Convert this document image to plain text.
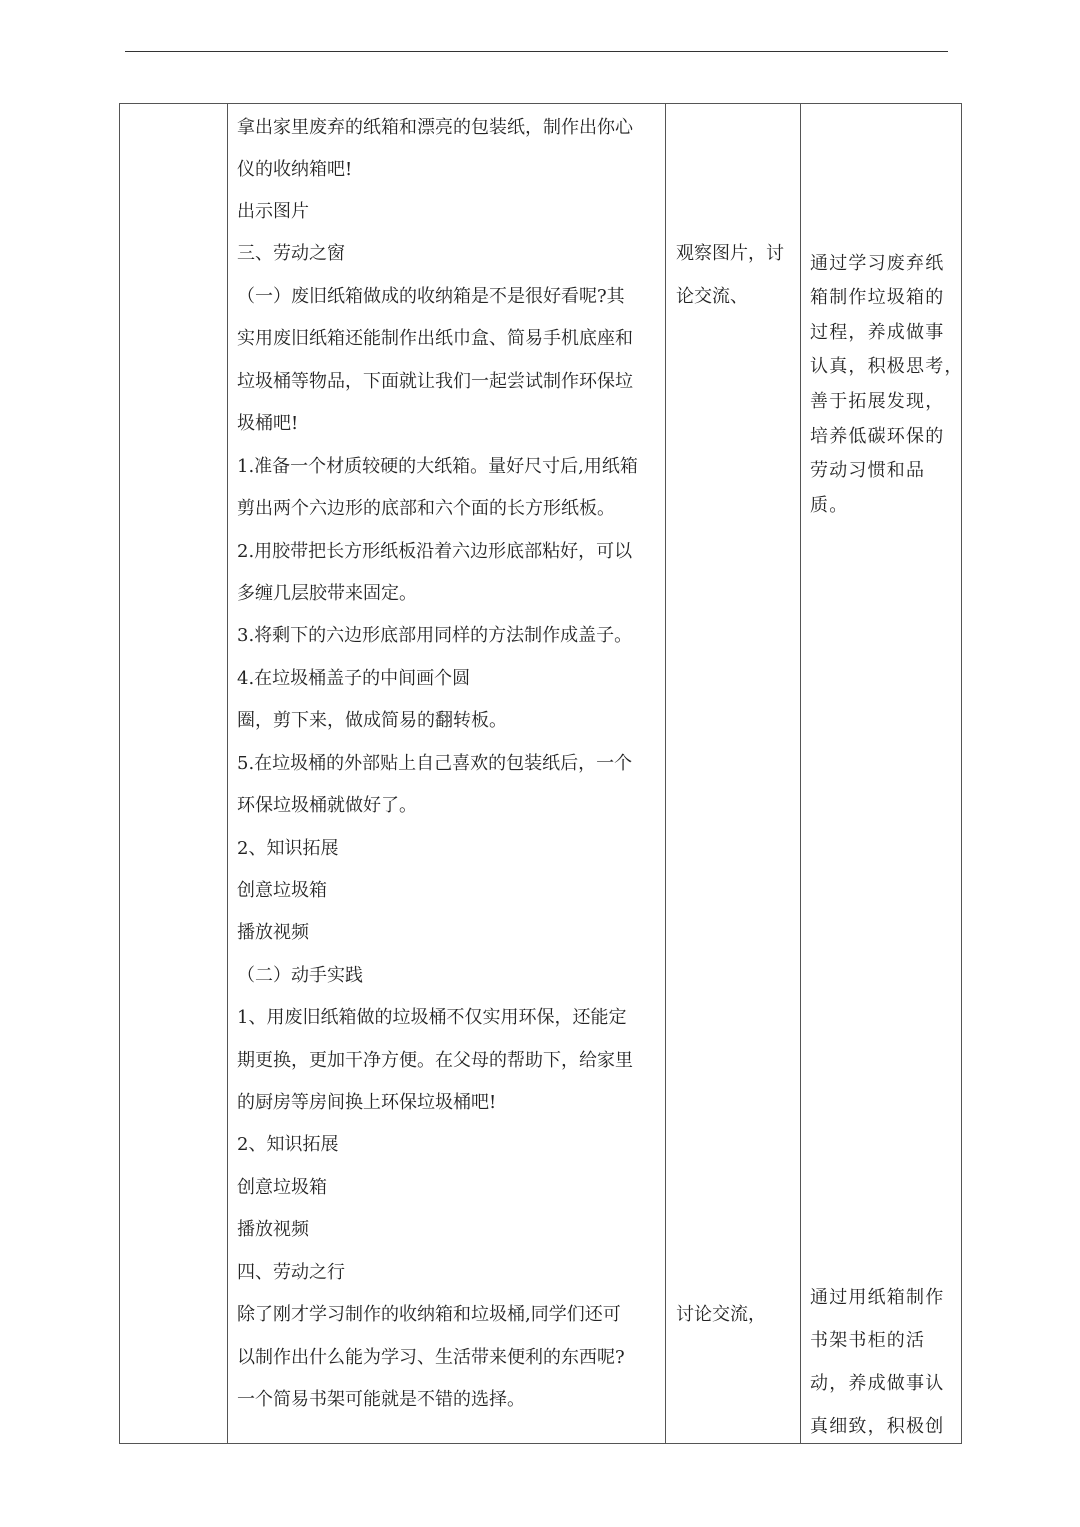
拿出家里废弃的纸箱和漂亮的包装纸，制作出你心
仪的收纳箱吧!
出示图片
三、劳动之窗
（一）废旧纸箱做成的收纳箱是不是很好看呢?其
实用废旧纸箱还能制作出纸巾盒、简易手机底座和
垃圾桶等物品，下面就让我们一起尝试制作环保垃
圾桶吧!
1.准备一个材质较硬的大纸箱。量好尺寸后,用纸箱
剪出两个六边形的底部和六个面的长方形纸板。
2.用胶带把长方形纸板沿着六边形底部粘好，可以
多缠几层胶带来固定。
3.将剩下的六边形底部用同样的方法制作成盖子。
4.在垃圾桶盖子的中间画个圆
圈，剪下来，做成简易的翻转板。
5.在垃圾桶的外部贴上自己喜欢的包装纸后，一个
环保垃圾桶就做好了。
2、知识拓展
创意垃圾箱
播放视频
（二）动手实践
1、用废旧纸箱做的垃圾桶不仅实用环保，还能定
期更换，更加干净方便。在父母的帮助下，给家里
的厨房等房间换上环保垃圾桶吧!
2、知识拓展
创意垃圾箱
播放视频
四、劳动之行
除了刚才学习制作的收纳箱和垃圾桶,同学们还可
以制作出什么能为学习、生活带来便利的东西呢?
一个简易书架可能就是不错的选择。
观察图片，讨
论交流、
讨论交流，
通过学习废弃纸
箱制作垃圾箱的
过程，养成做事
认真，积极思考，
善于拓展发现，
培养低碳环保的
劳动习惯和品
质。
通过用纸箱制作
书架书柜的活
动，养成做事认
真细致，积极创
